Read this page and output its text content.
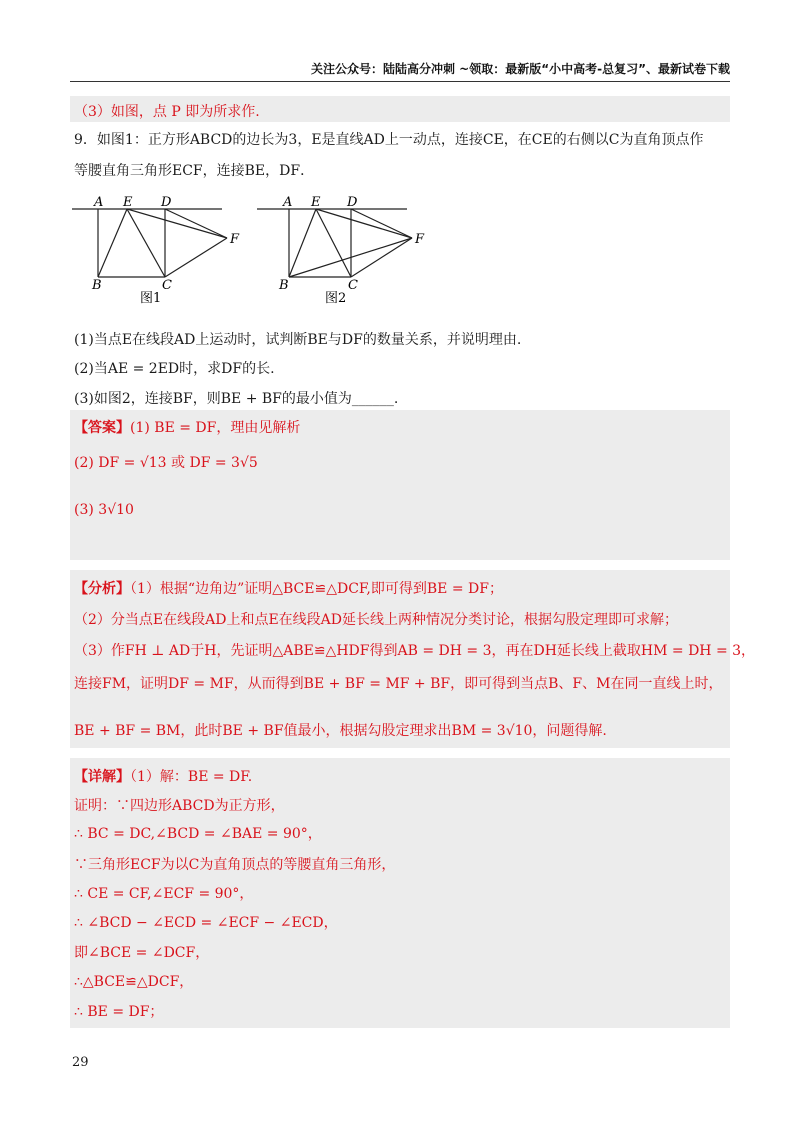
关注公众号：陆陆高分冲刺 ~领取：最新版“小中高考-总复习”、最新试卷下载
（3）如图，点 P 即为所求作.
9．如图1：正方形ABCD的边长为3，E是直线AD上一动点，连接CE，在CE的右侧以C为直角顶点作
等腰直角三角形ECF，连接BE，DF．
A E D
F
B	C
图1
A E D
F
B	C
图2
(1)当点E在线段AD上运动时，试判断BE与DF的数量关系，并说明理由.
(2)当AE = 2ED时，求DF的长.
(3)如图2，连接BF，则BE + BF的最小值为______.
【答案】(1) BE = DF，理由见解析
(2) DF = √13 或 DF = 3√5
(3) 3√10
【分析】（1）根据“边角边”证明△BCE≌△DCF,即可得到BE = DF；
（2）分当点E在线段AD上和点E在线段AD延长线上两种情况分类讨论，根据勾股定理即可求解；
（3）作FH ⊥ AD于H，先证明△ABE≌△HDF得到AB = DH = 3，再在DH延长线上截取HM = DH = 3，
连接FM，证明DF = MF，从而得到BE + BF = MF + BF，即可得到当点B、F、M在同一直线上时，
BE + BF = BM，此时BE + BF值最小，根据勾股定理求出BM = 3√10，问题得解.
【详解】（1）解：BE = DF.
证明：∵四边形ABCD为正方形，
∴ BC = DC,∠BCD = ∠BAE = 90°，
∵三角形ECF为以C为直角顶点的等腰直角三角形，
∴ CE = CF,∠ECF = 90°，
∴ ∠BCD − ∠ECD = ∠ECF − ∠ECD，
即∠BCE = ∠DCF，
∴△BCE≌△DCF，
∴ BE = DF；
29
